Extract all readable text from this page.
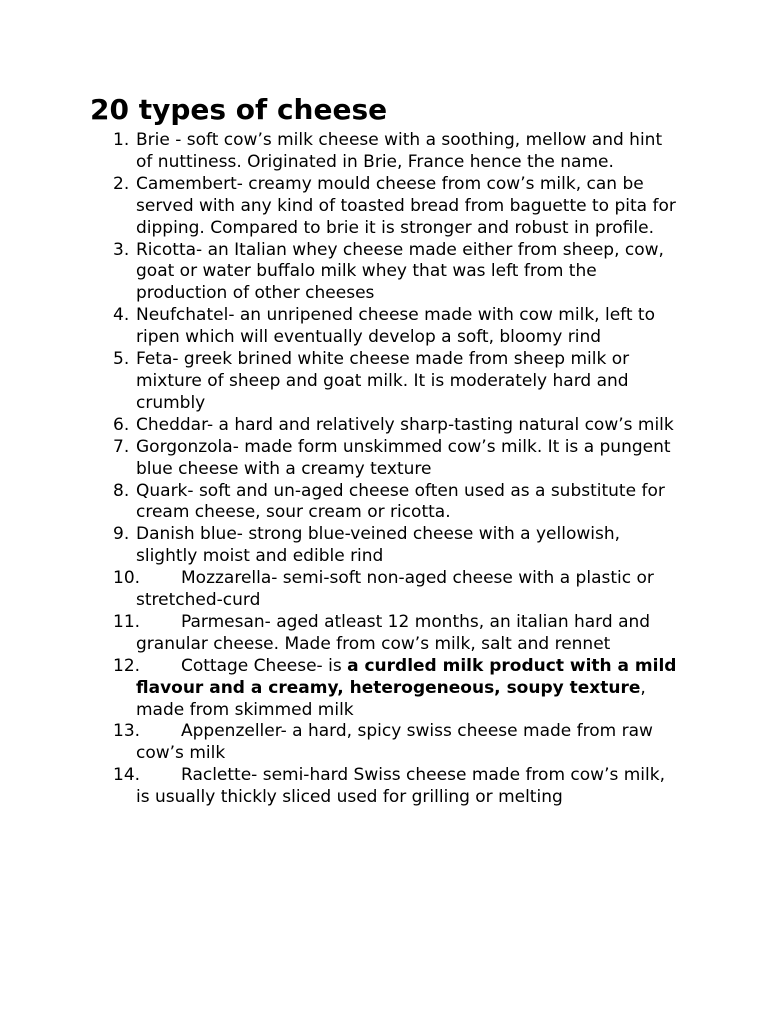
20 types of cheese
1. Brie - soft cow’s milk cheese with a soothing, mellow and hint of nuttiness. Originated in Brie, France hence the name.
2. Camembert- creamy mould cheese from cow’s milk, can be served with any kind of toasted bread from baguette to pita for dipping. Compared to brie it is stronger and robust in profile.
3. Ricotta- an Italian whey cheese made either from sheep, cow, goat or water buffalo milk whey that was left from the production of other cheeses
4. Neufchatel- an unripened cheese made with cow milk, left to ripen which will eventually develop a soft, bloomy rind
5. Feta- greek brined white cheese made from sheep milk or mixture of sheep and goat milk. It is moderately hard and crumbly
6. Cheddar- a hard and relatively sharp-tasting natural cow’s milk
7. Gorgonzola- made form unskimmed cow’s milk. It is a pungent blue cheese with a creamy texture
8. Quark- soft and un-aged cheese often used as a substitute for cream cheese, sour cream or ricotta.
9. Danish blue- strong blue-veined cheese with a yellowish, slightly moist and edible rind
10. Mozzarella- semi-soft non-aged cheese with a plastic or stretched-curd
11. Parmesan- aged atleast 12 months, an italian hard and granular cheese. Made from cow’s milk, salt and rennet
12. Cottage Cheese- is a curdled milk product with a mild flavour and a creamy, heterogeneous, soupy texture, made from skimmed milk
13. Appenzeller- a hard, spicy swiss cheese made from raw cow’s milk
14. Raclette- semi-hard Swiss cheese made from cow’s milk, is usually thickly sliced used for grilling or melting
